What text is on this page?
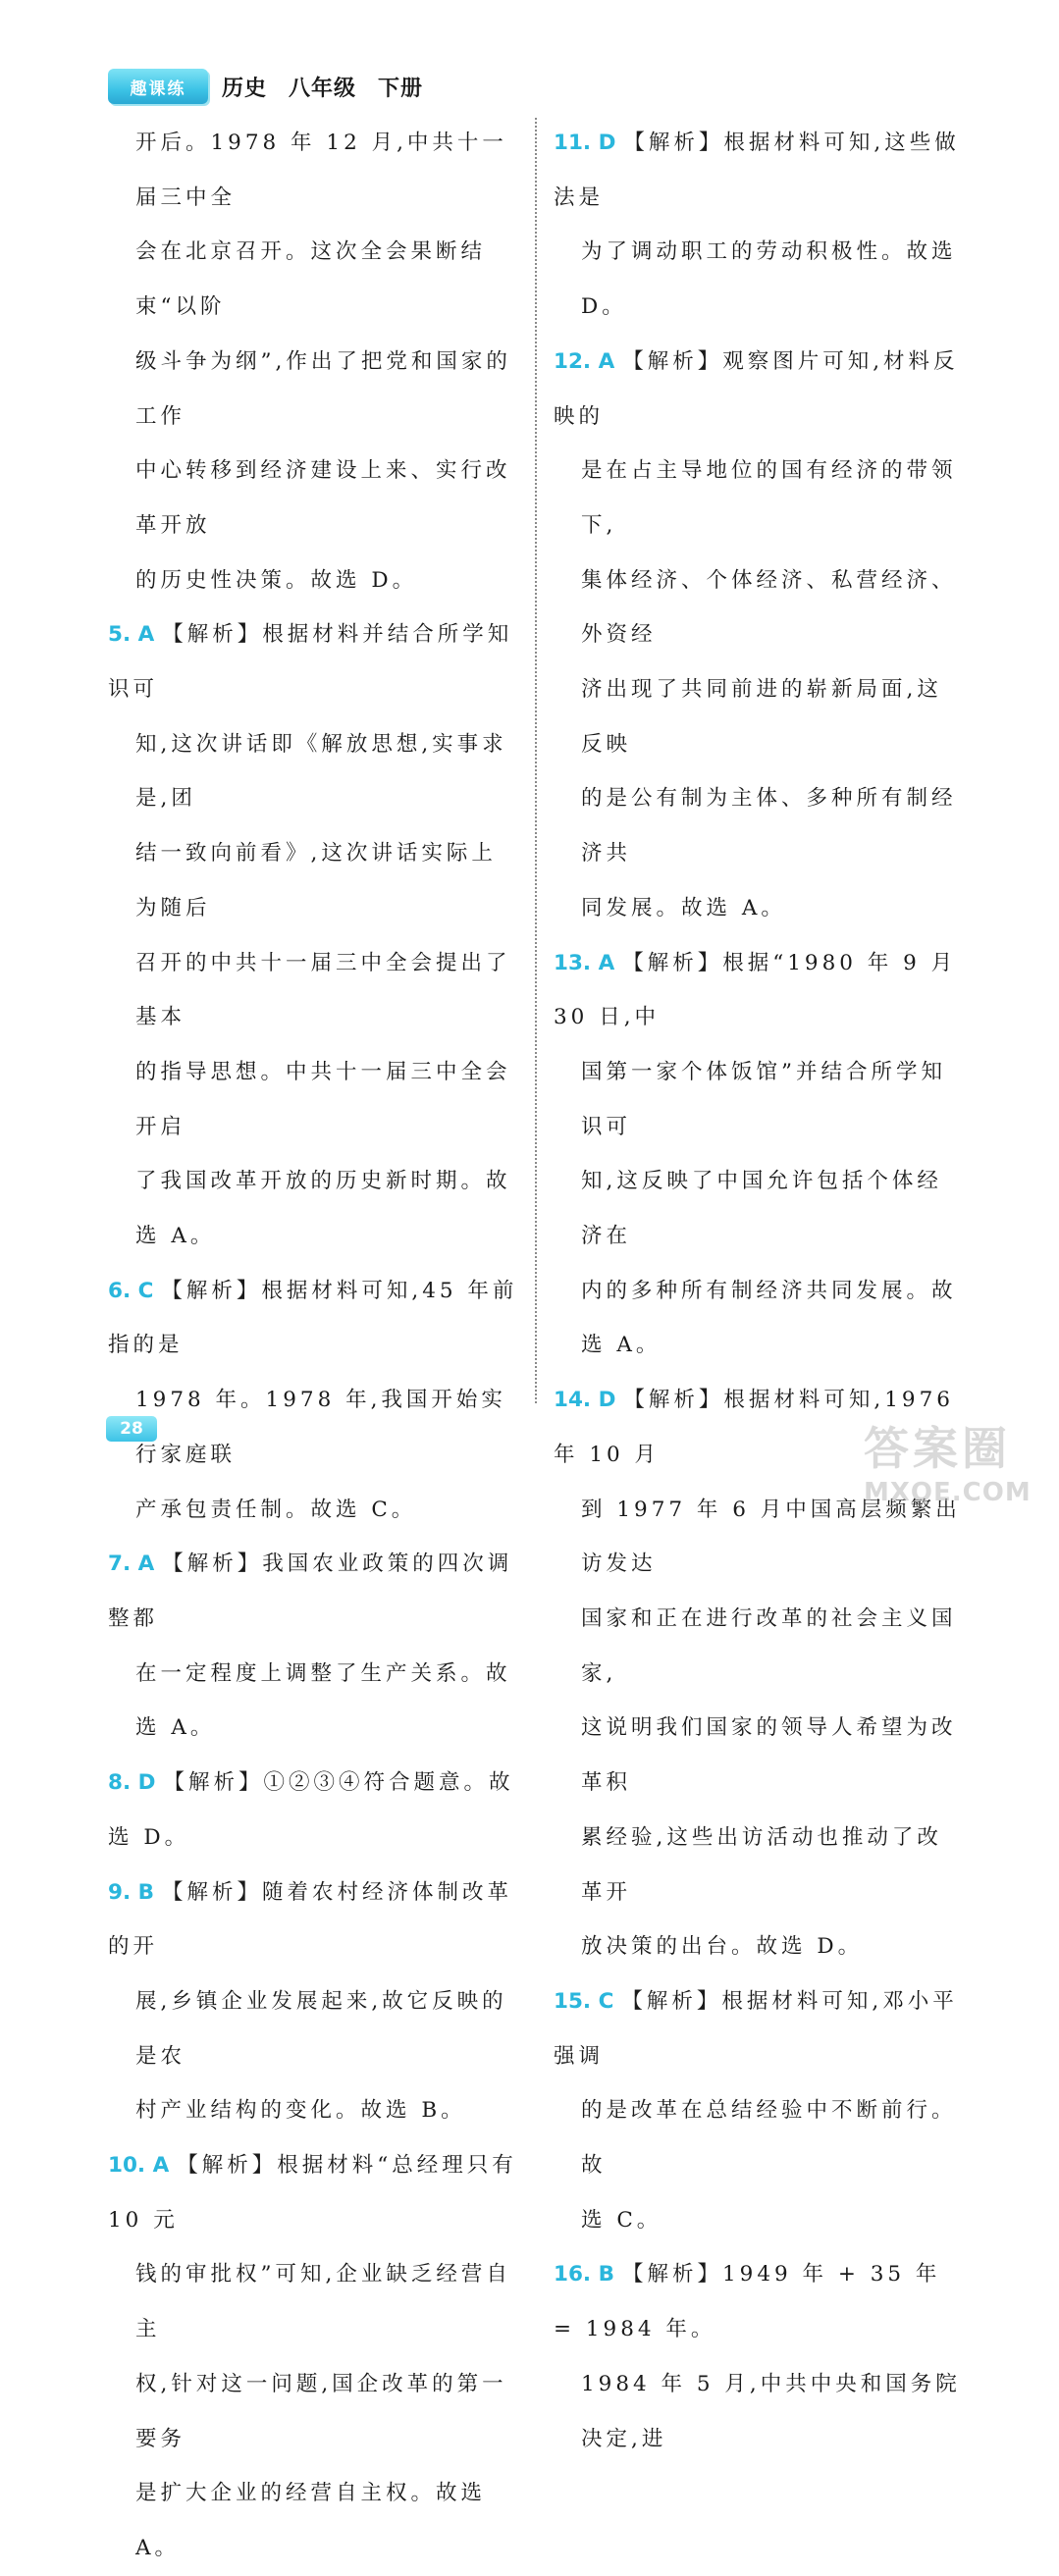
趣课练	历史 八年级 下册

开后。1978 年 12 月,中共十一届三中全

会在北京召开。这次全会果断结束“以阶

级斗争为纲”,作出了把党和国家的工作

中心转移到经济建设上来、实行改革开放

的历史性决策。故选 D。

5. A 【解析】根据材料并结合所学知识可

知,这次讲话即《解放思想,实事求是,团

结一致向前看》,这次讲话实际上为随后

召开的中共十一届三中全会提出了基本

的指导思想。中共十一届三中全会开启

了我国改革开放的历史新时期。故选 A。

6. C 【解析】根据材料可知,45 年前指的是

1978 年。1978 年,我国开始实行家庭联

产承包责任制。故选 C。

7. A 【解析】我国农业政策的四次调整都

在一定程度上调整了生产关系。故选 A。

8. D 【解析】①②③④符合题意。故选 D。

9. B 【解析】随着农村经济体制改革的开

展,乡镇企业发展起来,故它反映的是农

村产业结构的变化。故选 B。

10. A 【解析】根据材料“总经理只有 10 元

钱的审批权”可知,企业缺乏经营自主

权,针对这一问题,国企改革的第一要务

是扩大企业的经营自主权。故选 A。

11. D 【解析】根据材料可知,这些做法是

为了调动职工的劳动积极性。故选 D。

12. A 【解析】观察图片可知,材料反映的

是在占主导地位的国有经济的带领下,

集体经济、个体经济、私营经济、外资经

济出现了共同前进的崭新局面,这反映

的是公有制为主体、多种所有制经济共

同发展。故选 A。

13. A 【解析】根据“1980 年 9 月 30 日,中

国第一家个体饭馆”并结合所学知识可

知,这反映了中国允许包括个体经济在

内的多种所有制经济共同发展。故

选 A。

14. D 【解析】根据材料可知,1976 年 10 月

到 1977 年 6 月中国高层频繁出访发达

国家和正在进行改革的社会主义国家,

这说明我们国家的领导人希望为改革积

累经验,这些出访活动也推动了改革开

放决策的出台。故选 D。

15. C 【解析】根据材料可知,邓小平强调

的是改革在总结经验中不断前行。故

选 C。

16. B 【解析】1949 年 + 35 年 = 1984 年。

1984 年 5 月,中共中央和国务院决定,进

28	答案圈
MXQE.COM
